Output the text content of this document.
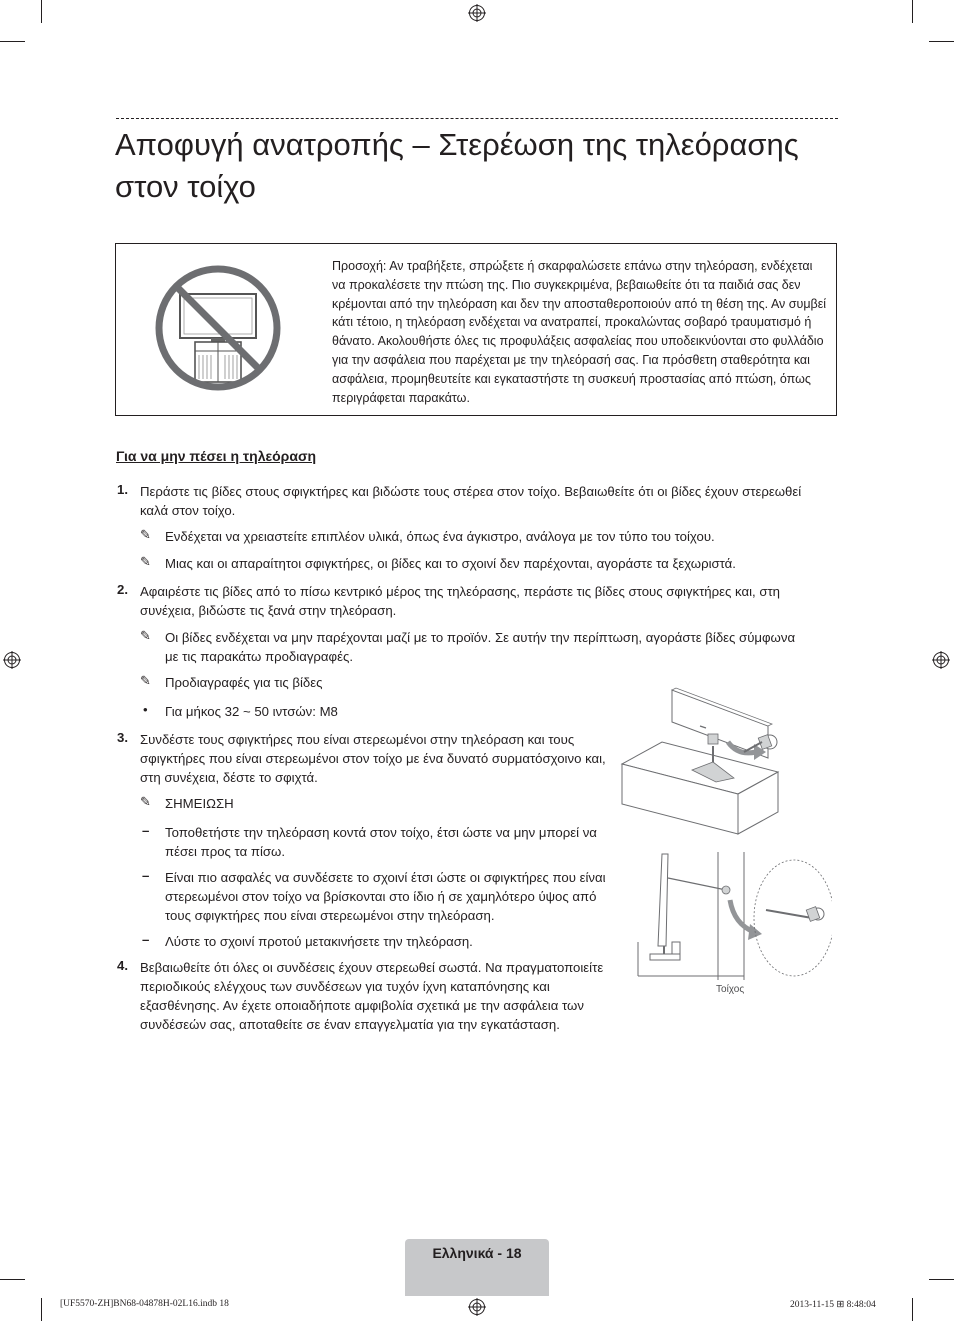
Αποφυγή ανατροπής – Στερέωση της τηλεόρασης στον τοίχο
Προσοχή: Αν τραβήξετε, σπρώξετε ή σκαρφαλώσετε επάνω στην τηλεόραση, ενδέχεται να προκαλέσετε την πτώση της. Πιο συγκεκριμένα, βεβαιωθείτε ότι τα παιδιά σας δεν κρέμονται από την τηλεόραση και δεν την αποσταθεροποιούν από τη θέση της. Αν συμβεί κάτι τέτοιο, η τηλεόραση ενδέχεται να ανατραπεί, προκαλώντας σοβαρό τραυματισμό ή θάνατο. Ακολουθήστε όλες τις προφυλάξεις ασφαλείας που υποδεικνύονται στο φυλλάδιο για την ασφάλεια που παρέχεται με την τηλεόρασή σας. Για πρόσθετη σταθερότητα και ασφάλεια, προμηθευτείτε και εγκαταστήστε τη συσκευή προστασίας από πτώση, όπως περιγράφεται παρακάτω.
Για να μην πέσει η τηλεόραση
1. Περάστε τις βίδες στους σφιγκτήρες και βιδώστε τους στέρεα στον τοίχο. Βεβαιωθείτε ότι οι βίδες έχουν στερεωθεί καλά στον τοίχο.
✎ Ενδέχεται να χρειαστείτε επιπλέον υλικά, όπως ένα άγκιστρο, ανάλογα με τον τύπο του τοίχου.
✎ Μιας και οι απαραίτητοι σφιγκτήρες, οι βίδες και το σχοινί δεν παρέχονται, αγοράστε τα ξεχωριστά.
2. Αφαιρέστε τις βίδες από το πίσω κεντρικό μέρος της τηλεόρασης, περάστε τις βίδες στους σφιγκτήρες και, στη συνέχεια, βιδώστε τις ξανά στην τηλεόραση.
✎ Οι βίδες ενδέχεται να μην παρέχονται μαζί με το προϊόν. Σε αυτήν την περίπτωση, αγοράστε βίδες σύμφωνα με τις παρακάτω προδιαγραφές.
✎ Προδιαγραφές για τις βίδες
• Για μήκος 32 ~ 50 ιντσών: M8
3. Συνδέστε τους σφιγκτήρες που είναι στερεωμένοι στην τηλεόραση και τους σφιγκτήρες που είναι στερεωμένοι στον τοίχο με ένα δυνατό συρματόσχοινο και, στη συνέχεια, δέστε το σφιχτά.
✎ ΣΗΜΕΙΩΣΗ
– Τοποθετήστε την τηλεόραση κοντά στον τοίχο, έτσι ώστε να μην μπορεί να πέσει προς τα πίσω.
– Είναι πιο ασφαλές να συνδέσετε το σχοινί έτσι ώστε οι σφιγκτήρες που είναι στερεωμένοι στον τοίχο να βρίσκονται στο ίδιο ή σε χαμηλότερο ύψος από τους σφιγκτήρες που είναι στερεωμένοι στην τηλεόραση.
– Λύστε το σχοινί προτού μετακινήσετε την τηλεόραση.
4. Βεβαιωθείτε ότι όλες οι συνδέσεις έχουν στερεωθεί σωστά. Να πραγματοποιείτε περιοδικούς ελέγχους των συνδέσεων για τυχόν ίχνη καταπόνησης και εξασθένησης. Αν έχετε οποιαδήποτε αμφιβολία σχετικά με την ασφάλεια των συνδέσεών σας, αποταθείτε σε έναν επαγγελματία για την εγκατάσταση.
Τοίχος
Ελληνικά - 18
[UF5570-ZH]BN68-04878H-02L16.indb 18	2013-11-15 ⊞ 8:48:04
